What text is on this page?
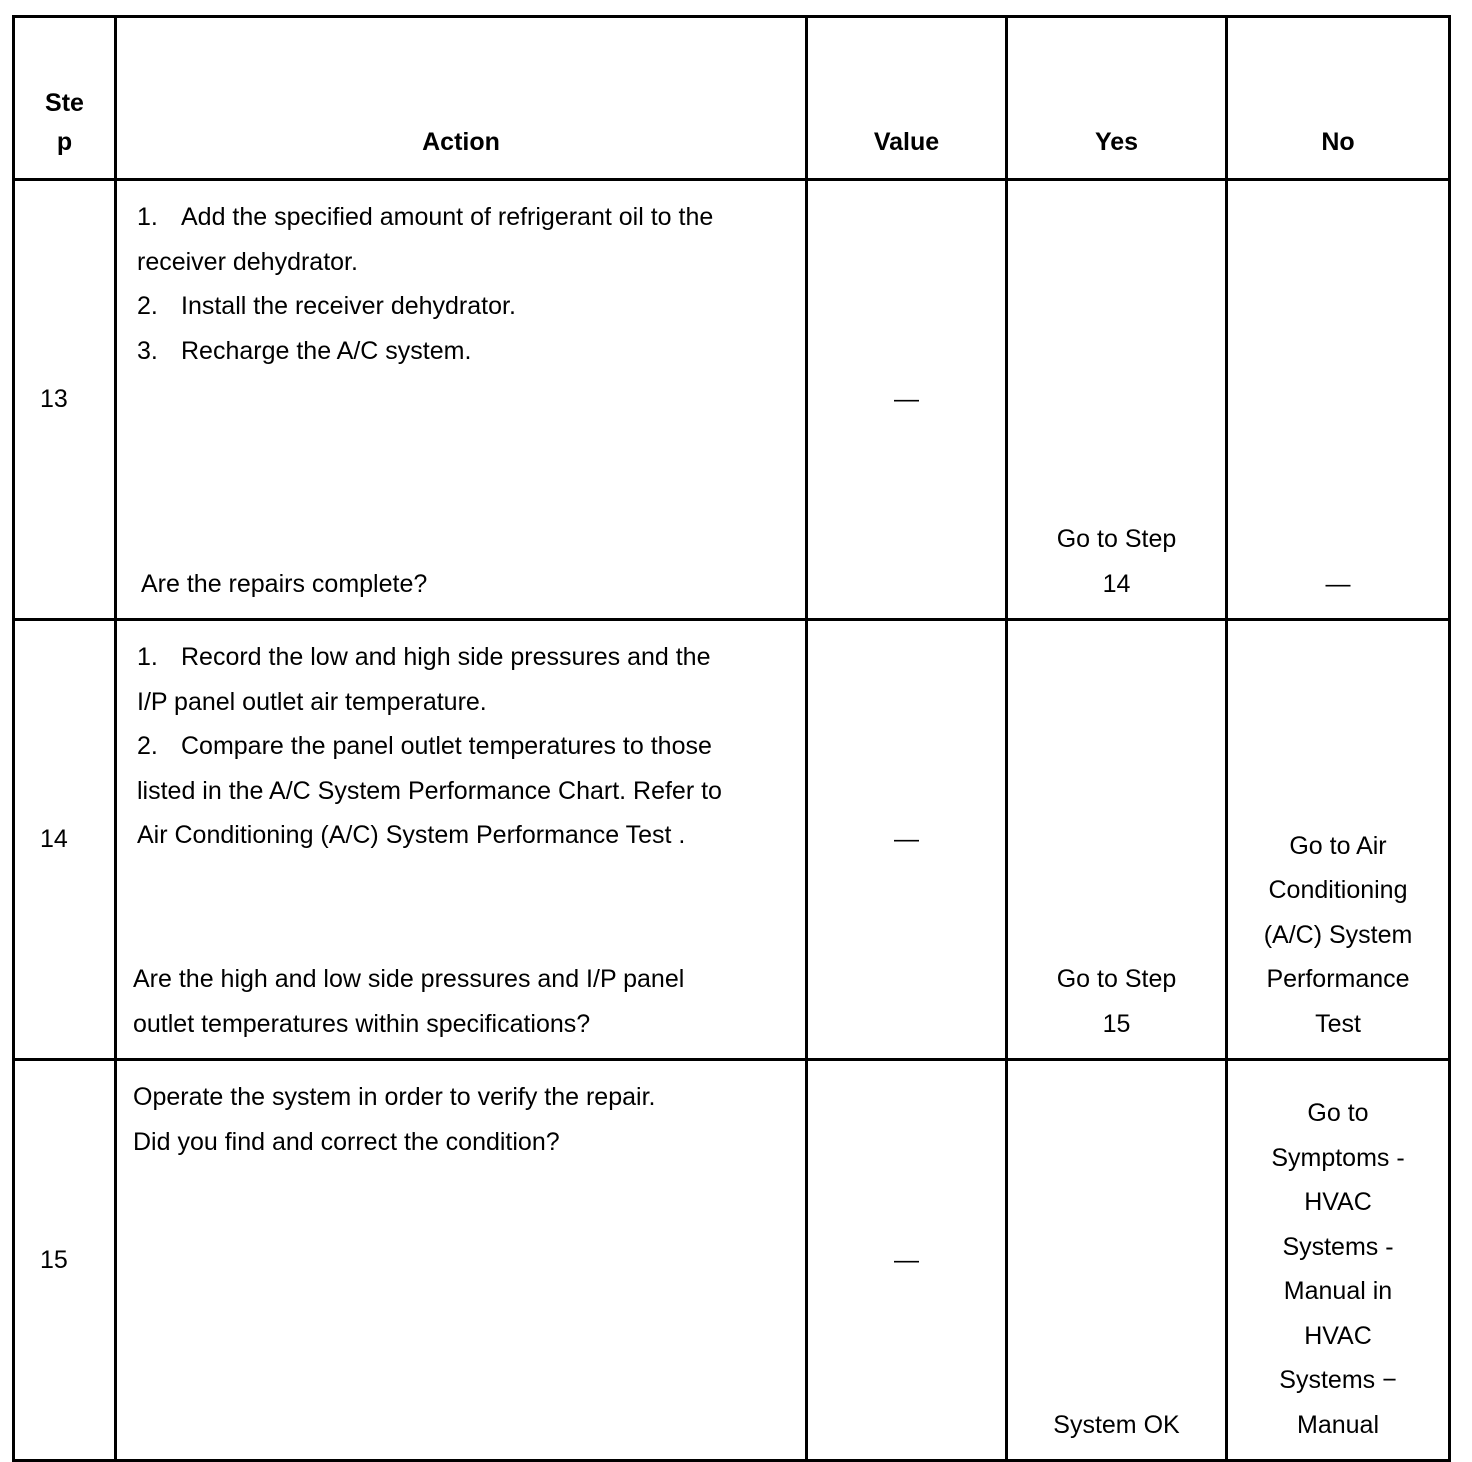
Step	Action	Value	Yes	No

13	1. Add the specified amount of refrigerant oil to the receiver dehydrator.
2. Install the receiver dehydrator.
3. Recharge the A/C system.
Are the repairs complete?	—	Go to Step 14	—
14	1. Record the low and high side pressures and the I/P panel outlet air temperature.
2. Compare the panel outlet temperatures to those listed in the A/C System Performance Chart. Refer to Air Conditioning (A/C) System Performance Test .
Are the high and low side pressures and I/P panel outlet temperatures within specifications?	—	Go to Step 15	Go to Air Conditioning (A/C) System Performance Test

15	Operate the system in order to verify the repair.
Did you find and correct the condition?	—	System OK	Go to Symptoms - HVAC Systems - Manual in HVAC Systems − Manual
